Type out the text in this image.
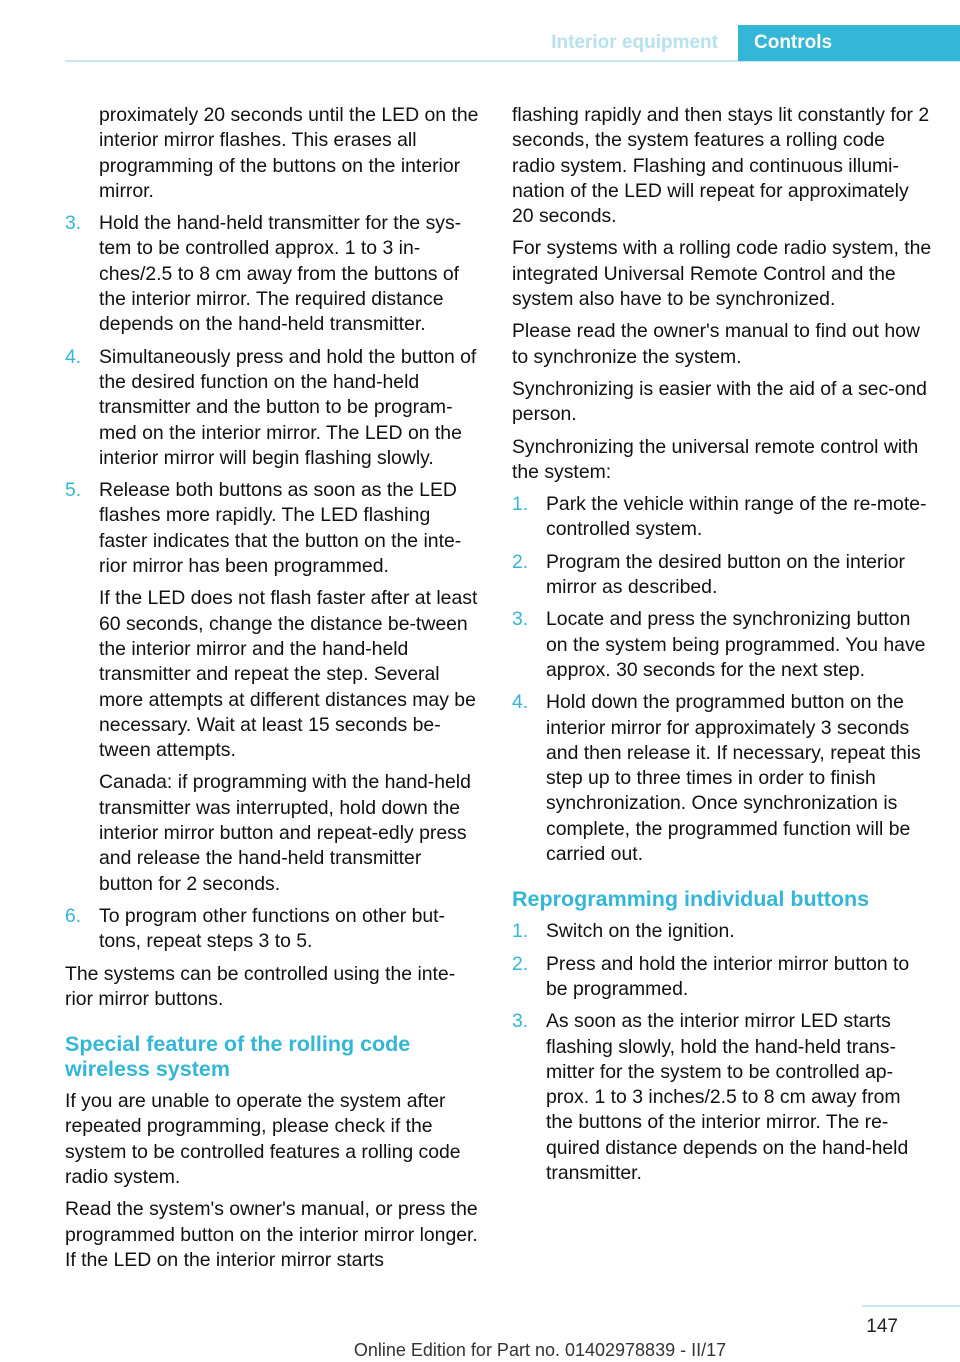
Interior equipment	Controls

proximately 20 seconds until the LED on the interior mirror flashes. This erases all programming of the buttons on the interior mirror.

3. Hold the hand-held transmitter for the sys-tem to be controlled approx. 1 to 3 in-ches/2.5 to 8 cm away from the buttons of the interior mirror. The required distance depends on the hand-held transmitter.
4. Simultaneously press and hold the button of the desired function on the hand-held transmitter and the button to be program-med on the interior mirror. The LED on the interior mirror will begin flashing slowly.
5. Release both buttons as soon as the LED flashes more rapidly. The LED flashing faster indicates that the button on the inte-rior mirror has been programmed.
If the LED does not flash faster after at least 60 seconds, change the distance be-tween the interior mirror and the hand-held transmitter and repeat the step. Several more attempts at different distances may be necessary. Wait at least 15 seconds be-tween attempts.
Canada: if programming with the hand-held transmitter was interrupted, hold down the interior mirror button and repeat-edly press and release the hand-held transmitter button for 2 seconds.
6. To program other functions on other but-tons, repeat steps 3 to 5.

The systems can be controlled using the inte-rior mirror buttons.

Special feature of the rolling code wireless system

If you are unable to operate the system after repeated programming, please check if the system to be controlled features a rolling code radio system.

Read the system's owner's manual, or press the programmed button on the interior mirror longer. If the LED on the interior mirror starts

flashing rapidly and then stays lit constantly for 2 seconds, the system features a rolling code radio system. Flashing and continuous illumi-nation of the LED will repeat for approximately 20 seconds.

For systems with a rolling code radio system, the integrated Universal Remote Control and the system also have to be synchronized.

Please read the owner's manual to find out how to synchronize the system.

Synchronizing is easier with the aid of a sec-ond person.

Synchronizing the universal remote control with the system:

1. Park the vehicle within range of the re-mote-controlled system.
2. Program the desired button on the interior mirror as described.
3. Locate and press the synchronizing button on the system being programmed. You have approx. 30 seconds for the next step.
4. Hold down the programmed button on the interior mirror for approximately 3 seconds and then release it. If necessary, repeat this step up to three times in order to finish synchronization. Once synchronization is complete, the programmed function will be carried out.
Reprogramming individual buttons
1. Switch on the ignition.
2. Press and hold the interior mirror button to be programmed.
3. As soon as the interior mirror LED starts flashing slowly, hold the hand-held trans-mitter for the system to be controlled ap-prox. 1 to 3 inches/2.5 to 8 cm away from the buttons of the interior mirror. The re-quired distance depends on the hand-held transmitter.
147
Online Edition for Part no. 01402978839 - II/17
